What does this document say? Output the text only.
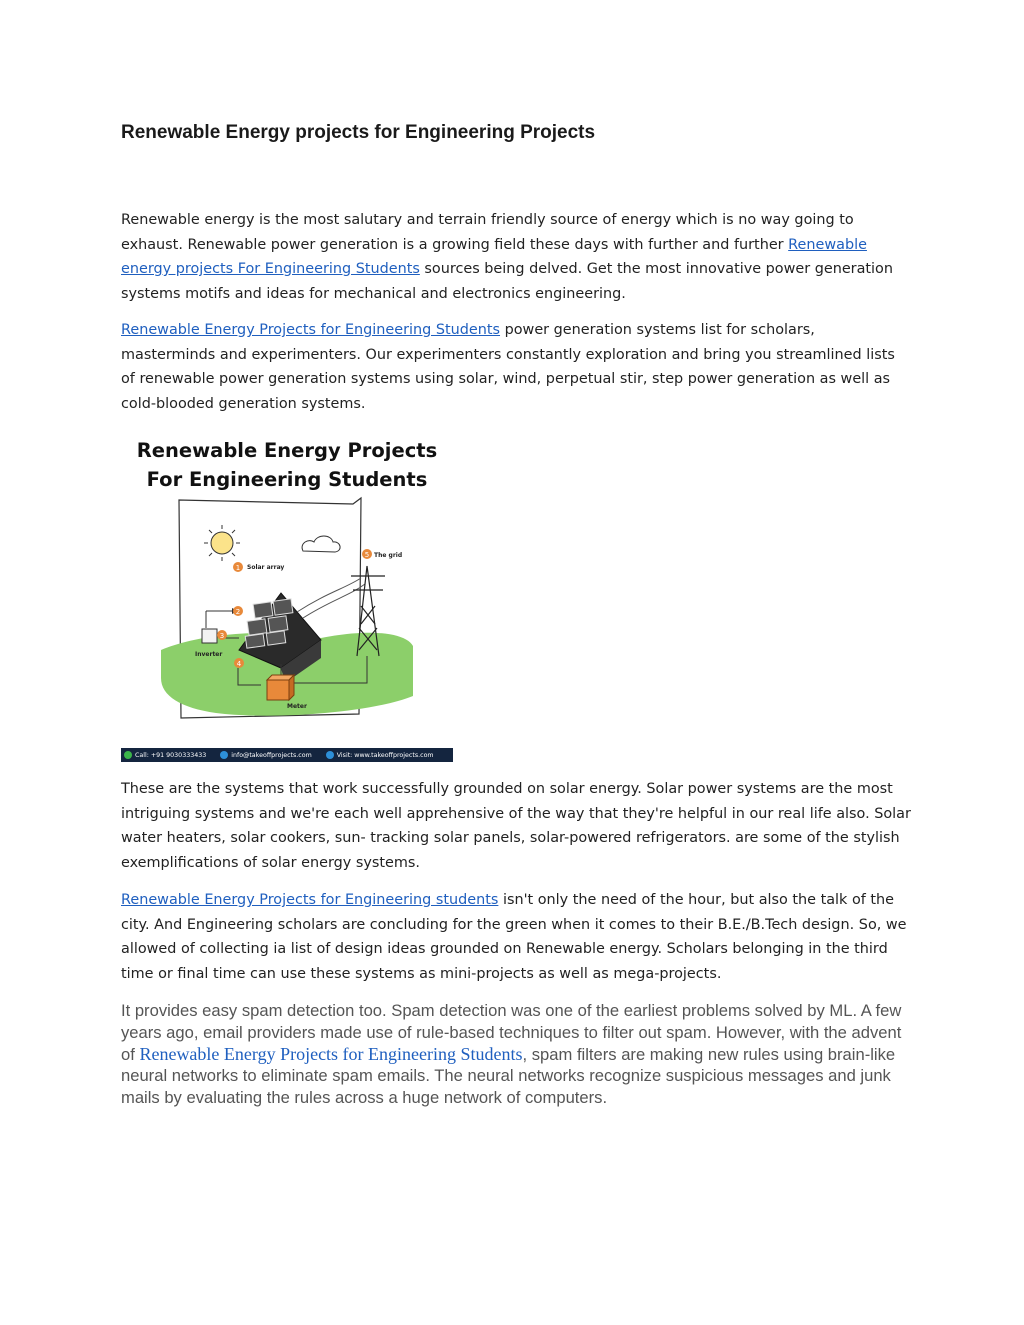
Renewable Energy projects for Engineering Projects
Renewable energy is the most salutary and terrain friendly source of energy which is no way going to exhaust. Renewable power generation is a growing field these days with further and further Renewable energy projects For Engineering Students sources being delved. Get the most innovative power generation systems motifs and ideas for mechanical and electronics engineering.
Renewable Energy Projects for Engineering Students power generation systems list for scholars, masterminds and experimenters. Our experimenters constantly exploration and bring you streamlined lists of renewable power generation systems using solar, wind, perpetual stir, step power generation as well as cold-blooded generation systems.
1
2
3
4
5
Solar array
The grid
Inverter
Meter
Renewable Energy Projects
For Engineering Students
Call: +91 9030333433	info@takeoffprojects.com	Visit: www.takeoffprojects.com
These are the systems that work successfully grounded on solar energy. Solar power systems are the most intriguing systems and we're each well apprehensive of the way that they're helpful in our real life also. Solar water heaters, solar cookers, sun- tracking solar panels, solar-powered refrigerators. are some of the stylish exemplifications of solar energy systems.
Renewable Energy Projects for Engineering students isn't only the need of the hour, but also the talk of the city. And Engineering scholars are concluding for the green when it comes to their B.E./B.Tech design. So, we allowed of collecting ia list of design ideas grounded on Renewable energy. Scholars belonging in the third time or final time can use these systems as mini-projects as well as mega-projects.
It provides easy spam detection too. Spam detection was one of the earliest problems solved by ML. A few years ago, email providers made use of rule-based techniques to filter out spam. However, with the advent of Renewable Energy Projects for Engineering Students, spam filters are making new rules using brain-like neural networks to eliminate spam emails. The neural networks recognize suspicious messages and junk mails by evaluating the rules across a huge network of computers.
